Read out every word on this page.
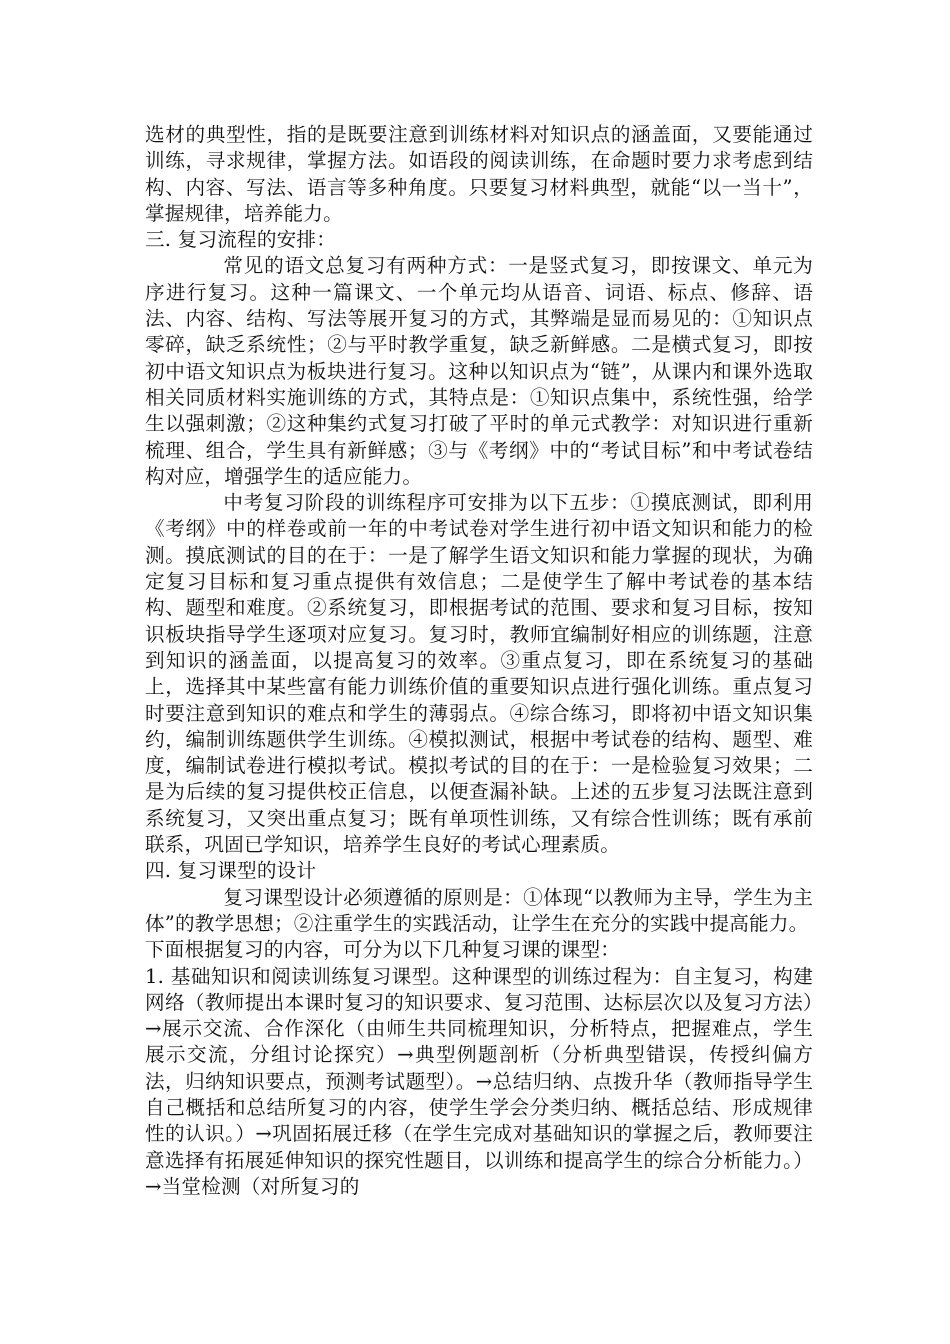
选材的典型性，指的是既要注意到训练材料对知识点的涵盖面，又要能通过训练，寻求规律，掌握方法。如语段的阅读训练，在命题时要力求考虑到结构、内容、写法、语言等多种角度。只要复习材料典型，就能“以一当十”，掌握规律，培养能力。

三. 复习流程的安排：

常见的语文总复习有两种方式：一是竖式复习，即按课文、单元为序进行复习。这种一篇课文、一个单元均从语音、词语、标点、修辞、语法、内容、结构、写法等展开复习的方式，其弊端是显而易见的：①知识点零碎，缺乏系统性；②与平时教学重复，缺乏新鲜感。二是横式复习，即按初中语文知识点为板块进行复习。这种以知识点为“链”，从课内和课外选取相关同质材料实施训练的方式，其特点是：①知识点集中，系统性强，给学生以强刺激；②这种集约式复习打破了平时的单元式教学：对知识进行重新梳理、组合，学生具有新鲜感；③与《考纲》中的“考试目标”和中考试卷结构对应，增强学生的适应能力。

中考复习阶段的训练程序可安排为以下五步：①摸底测试，即利用《考纲》中的样卷或前一年的中考试卷对学生进行初中语文知识和能力的检测。摸底测试的目的在于：一是了解学生语文知识和能力掌握的现状，为确定复习目标和复习重点提供有效信息；二是使学生了解中考试卷的基本结构、题型和难度。②系统复习，即根据考试的范围、要求和复习目标，按知识板块指导学生逐项对应复习。复习时，教师宜编制好相应的训练题，注意到知识的涵盖面，以提高复习的效率。③重点复习，即在系统复习的基础上，选择其中某些富有能力训练价值的重要知识点进行强化训练。重点复习时要注意到知识的难点和学生的薄弱点。④综合练习，即将初中语文知识集约，编制训练题供学生训练。④模拟测试，根据中考试卷的结构、题型、难度，编制试卷进行模拟考试。模拟考试的目的在于：一是检验复习效果；二是为后续的复习提供校正信息，以便查漏补缺。上述的五步复习法既注意到系统复习，又突出重点复习；既有单项性训练，又有综合性训练；既有承前联系，巩固已学知识，培养学生良好的考试心理素质。

四. 复习课型的设计

复习课型设计必须遵循的原则是：①体现“以教师为主导，学生为主体”的教学思想；②注重学生的实践活动，让学生在充分的实践中提高能力。

下面根据复习的内容，可分为以下几种复习课的课型：

1. 基础知识和阅读训练复习课型。这种课型的训练过程为：自主复习，构建网络（教师提出本课时复习的知识要求、复习范围、达标层次以及复习方法）→展示交流、合作深化（由师生共同梳理知识，分析特点，把握难点，学生展示交流，分组讨论探究）→典型例题剖析（分析典型错误，传授纠偏方法，归纳知识要点，预测考试题型）。→总结归纳、点拨升华（教师指导学生自己概括和总结所复习的内容，使学生学会分类归纳、概括总结、形成规律性的认识。）→巩固拓展迁移（在学生完成对基础知识的掌握之后，教师要注意选择有拓展延伸知识的探究性题目，以训练和提高学生的综合分析能力。）→当堂检测（对所复习的
